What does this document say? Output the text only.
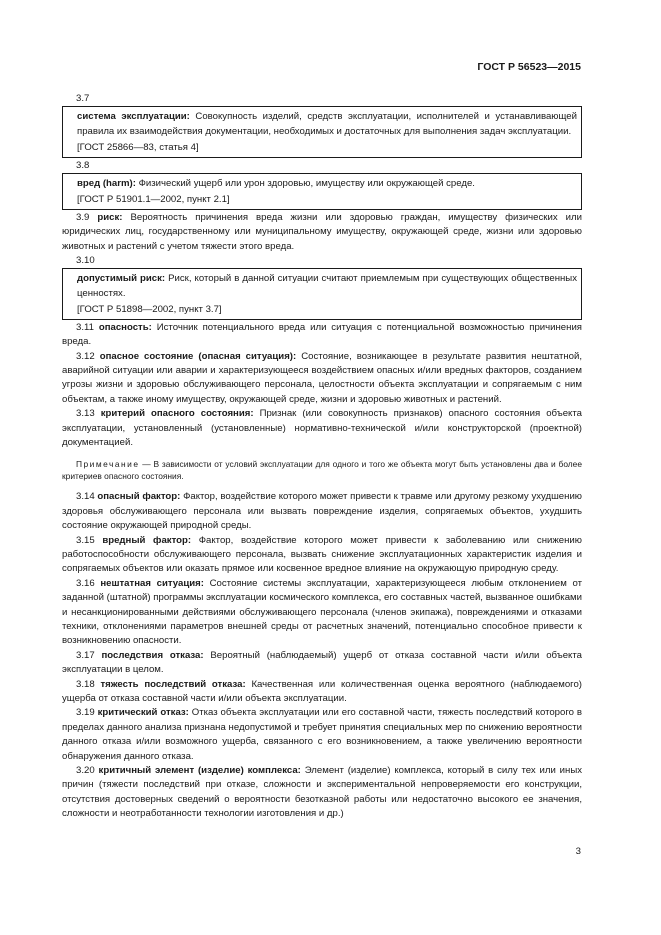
ГОСТ Р 56523—2015
3.7

система эксплуатации: Совокупность изделий, средств эксплуатации, исполнителей и устанавливающей правила их взаимодействия документации, необходимых и достаточных для выполнения задач эксплуатации.

[ГОСТ 25866—83, статья 4]

3.8

вред (harm): Физический ущерб или урон здоровью, имуществу или окружающей среде.

[ГОСТ Р 51901.1—2002, пункт 2.1]

3.9 риск: Вероятность причинения вреда жизни или здоровью граждан, имуществу физических или юридических лиц, государственному или муниципальному имуществу, окружающей среде, жизни или здоровью животных и растений с учетом тяжести этого вреда.

3.10

допустимый риск: Риск, который в данной ситуации считают приемлемым при существующих общественных ценностях.

[ГОСТ Р 51898—2002, пункт 3.7]

3.11 опасность: Источник потенциального вреда или ситуация с потенциальной возможностью причинения вреда.

3.12 опасное состояние (опасная ситуация): Состояние, возникающее в результате развития нештатной, аварийной ситуации или аварии и характеризующееся воздействием опасных и/или вредных факторов, созданием угрозы жизни и здоровью обслуживающего персонала, целостности объекта эксплуатации и сопрягаемым с ним объектам, а также иному имуществу, окружающей среде, жизни и здоровью животных и растений.

3.13 критерий опасного состояния: Признак (или совокупность признаков) опасного состояния объекта эксплуатации, установленный (установленные) нормативно-технической и/или конструкторской (проектной) документацией.

Примечание — В зависимости от условий эксплуатации для одного и того же объекта могут быть установлены два и более критериев опасного состояния.

3.14 опасный фактор: Фактор, воздействие которого может привести к травме или другому резкому ухудшению здоровья обслуживающего персонала или вызвать повреждение изделия, сопрягаемых объектов, ухудшить состояние окружающей природной среды.

3.15 вредный фактор: Фактор, воздействие которого может привести к заболеванию или снижению работоспособности обслуживающего персонала, вызвать снижение эксплуатационных характеристик изделия и сопрягаемых объектов или оказать прямое или косвенное вредное влияние на окружающую природную среду.

3.16 нештатная ситуация: Состояние системы эксплуатации, характеризующееся любым отклонением от заданной (штатной) программы эксплуатации космического комплекса, его составных частей, вызванное ошибками и несанкционированными действиями обслуживающего персонала (членов экипажа), повреждениями и отказами техники, отклонениями параметров внешней среды от расчетных значений, потенциально способное привести к возникновению опасности.

3.17 последствия отказа: Вероятный (наблюдаемый) ущерб от отказа составной части и/или объекта эксплуатации в целом.

3.18 тяжесть последствий отказа: Качественная или количественная оценка вероятного (наблюдаемого) ущерба от отказа составной части и/или объекта эксплуатации.

3.19 критический отказ: Отказ объекта эксплуатации или его составной части, тяжесть последствий которого в пределах данного анализа признана недопустимой и требует принятия специальных мер по снижению вероятности данного отказа и/или возможного ущерба, связанного с его возникновением, а также увеличению вероятности обнаружения данного отказа.

3.20 критичный элемент (изделие) комплекса: Элемент (изделие) комплекса, который в силу тех или иных причин (тяжести последствий при отказе, сложности и экспериментальной непроверяемости его конструкции, отсутствия достоверных сведений о вероятности безотказной работы или недостаточно высокого ее значения, сложности и неотработанности технологии изготовления и др.)

3
